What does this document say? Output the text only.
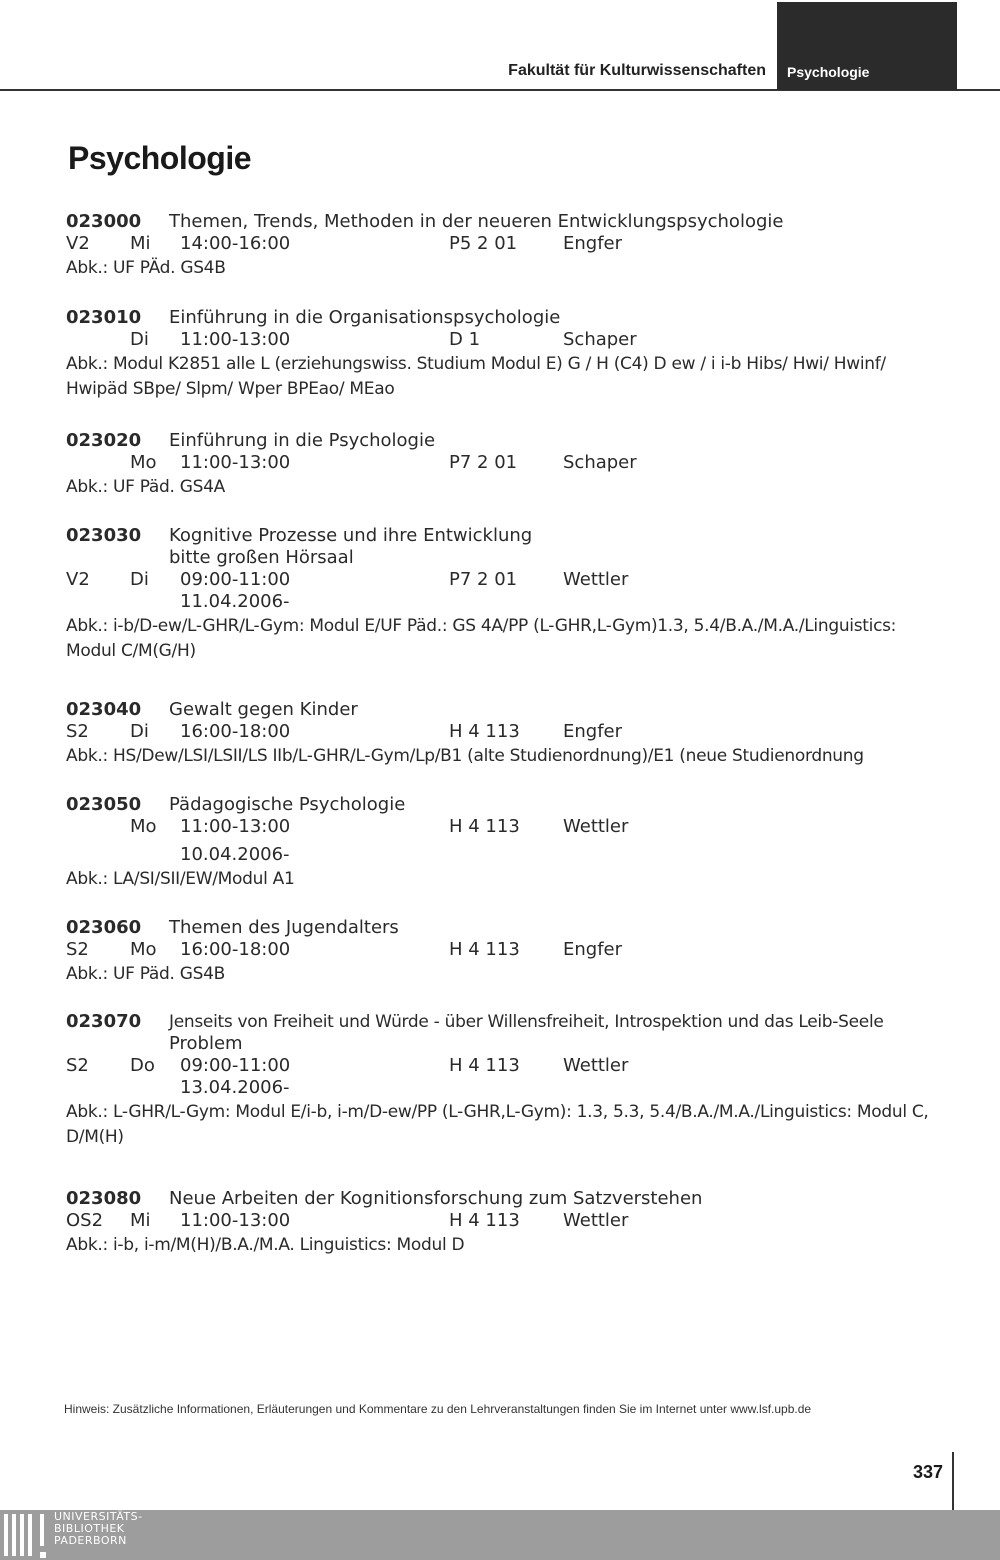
Fakultät für Kulturwissenschaften Psychologie
Psychologie
023000 Themen, Trends, Methoden in der neueren Entwicklungspsychologie
V2 Mi 14:00-16:00	P5 2 01	Engfer
Abk.: UF PÄd. GS4B
023010 Einführung in die Organisationspsychologie
Di 11:00-13:00	D 1	Schaper
Abk.: Modul K2851 alle L (erziehungswiss. Studium Modul E) G / H (C4) D ew / i i-b Hibs/ Hwi/ Hwinf/ Hwipäd SBpe/ Slpm/ Wper BPEao/ MEao
023020 Einführung in die Psychologie
Mo 11:00-13:00	P7 2 01	Schaper
Abk.: UF Päd. GS4A
023030 Kognitive Prozesse und ihre Entwicklung
bitte großen Hörsaal
V2 Di 09:00-11:00	P7 2 01	Wettler
11.04.2006-
Abk.: i-b/D-ew/L-GHR/L-Gym: Modul E/UF Päd.: GS 4A/PP (L-GHR,L-Gym)1.3, 5.4/B.A./M.A./Linguistics: Modul C/M(G/H)
023040 Gewalt gegen Kinder
S2 Di 16:00-18:00	H 4 113 Engfer
Abk.: HS/Dew/LSI/LSII/LS IIb/L-GHR/L-Gym/Lp/B1 (alte Studienordnung)/E1 (neue Studienordnung
023050 Pädagogische Psychologie
Mo 11:00-13:00	H 4 113 Wettler
10.04.2006-
Abk.: LA/SI/SII/EW/Modul A1
023060 Themen des Jugendalters
S2 Mo 16:00-18:00	H 4 113 Engfer
Abk.: UF Päd. GS4B
023070 Jenseits von Freiheit und Würde - über Willensfreiheit, Introspektion und das Leib-Seele
Problem
S2 Do 09:00-11:00	H 4 113 Wettler
13.04.2006-
Abk.: L-GHR/L-Gym: Modul E/i-b, i-m/D-ew/PP (L-GHR,L-Gym): 1.3, 5.3, 5.4/B.A./M.A./Linguistics: Modul C, D/M(H)
023080 Neue Arbeiten der Kognitionsforschung zum Satzverstehen
OS2 Mi 11:00-13:00	H 4 113 Wettler
Abk.: i-b, i-m/M(H)/B.A./M.A. Linguistics: Modul D
Hinweis: Zusätzliche Informationen, Erläuterungen und Kommentare zu den Lehrveranstaltungen finden Sie im Internet unter www.lsf.upb.de
337
UNIVERSITÄTS-
BIBLIOTHEK
PADERBORN
